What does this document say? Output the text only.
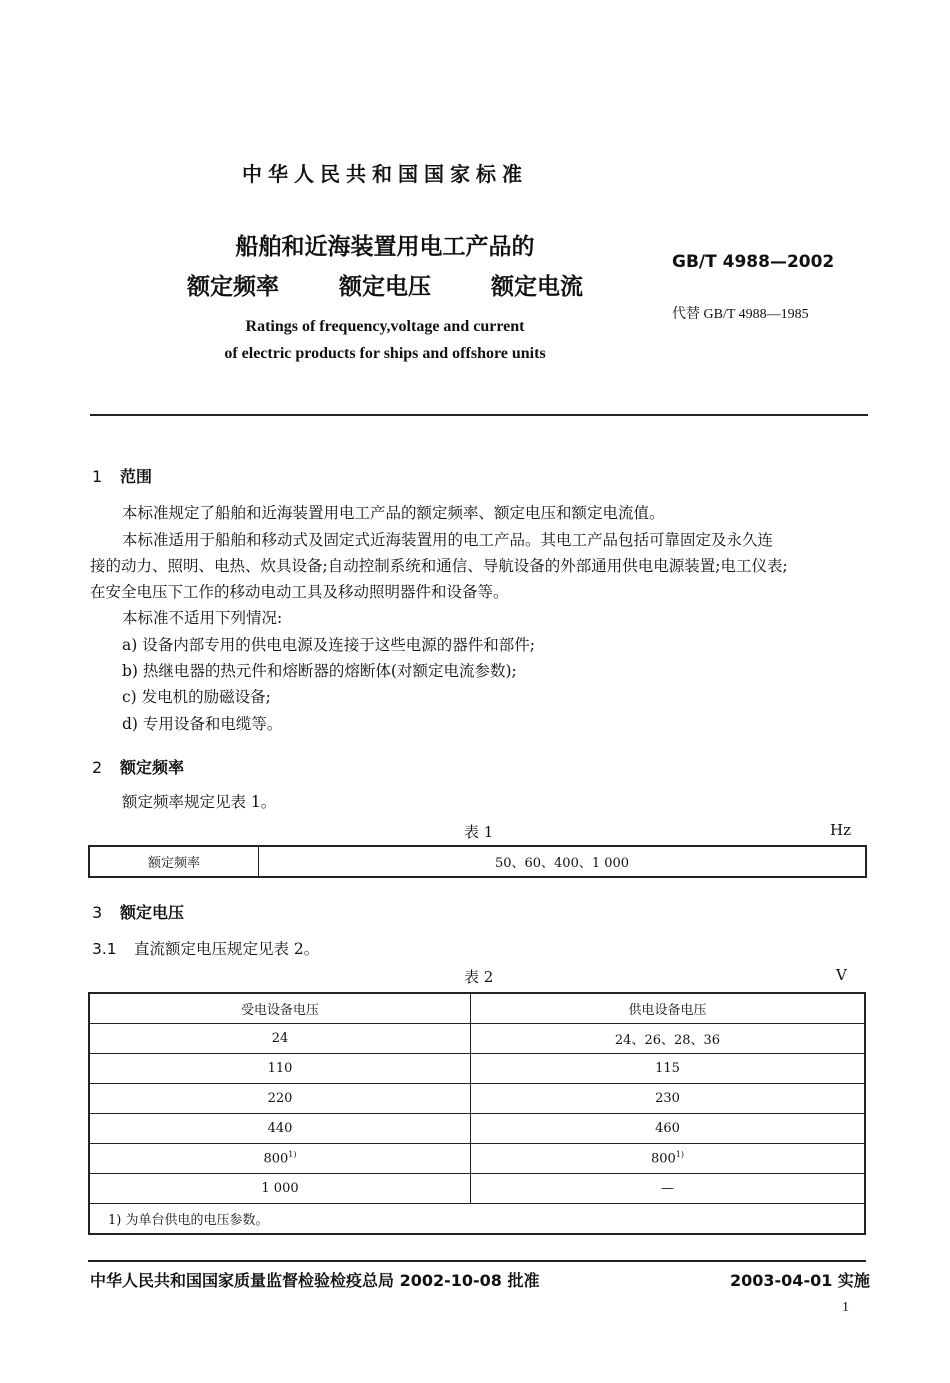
中华人民共和国国家标准
船舶和近海装置用电工产品的
额定频率   额定电压   额定电流
Ratings of frequency,voltage and current
of electric products for ships and offshore units
GB/T 4988—2002
代替 GB/T 4988—1985
1 范围
本标准规定了船舶和近海装置用电工产品的额定频率、额定电压和额定电流值。
本标准适用于船舶和移动式及固定式近海装置用的电工产品。其电工产品包括可靠固定及永久连
接的动力、照明、电热、炊具设备;自动控制系统和通信、导航设备的外部通用供电电源装置;电工仪表;
在安全电压下工作的移动电动工具及移动照明器件和设备等。
本标准不适用下列情况:
a) 设备内部专用的供电电源及连接于这些电源的器件和部件;
b) 热继电器的热元件和熔断器的熔断体(对额定电流参数);
c) 发电机的励磁设备;
d) 专用设备和电缆等。
2 额定频率
额定频率规定见表 1。
表 1	Hz
额定频率	50、60、400、1 000
3 额定电压
3.1 直流额定电压规定见表 2。
表 2	V
受电设备电压	供电设备电压
24	24、26、28、36
110	115
220	230
440	460
800$^{1)}$	800$^{1)}$
1 000	—
1) 为单台供电的电压参数。	
中华人民共和国国家质量监督检验检疫总局 2002-10-08 批准	2003-04-01 实施
1
